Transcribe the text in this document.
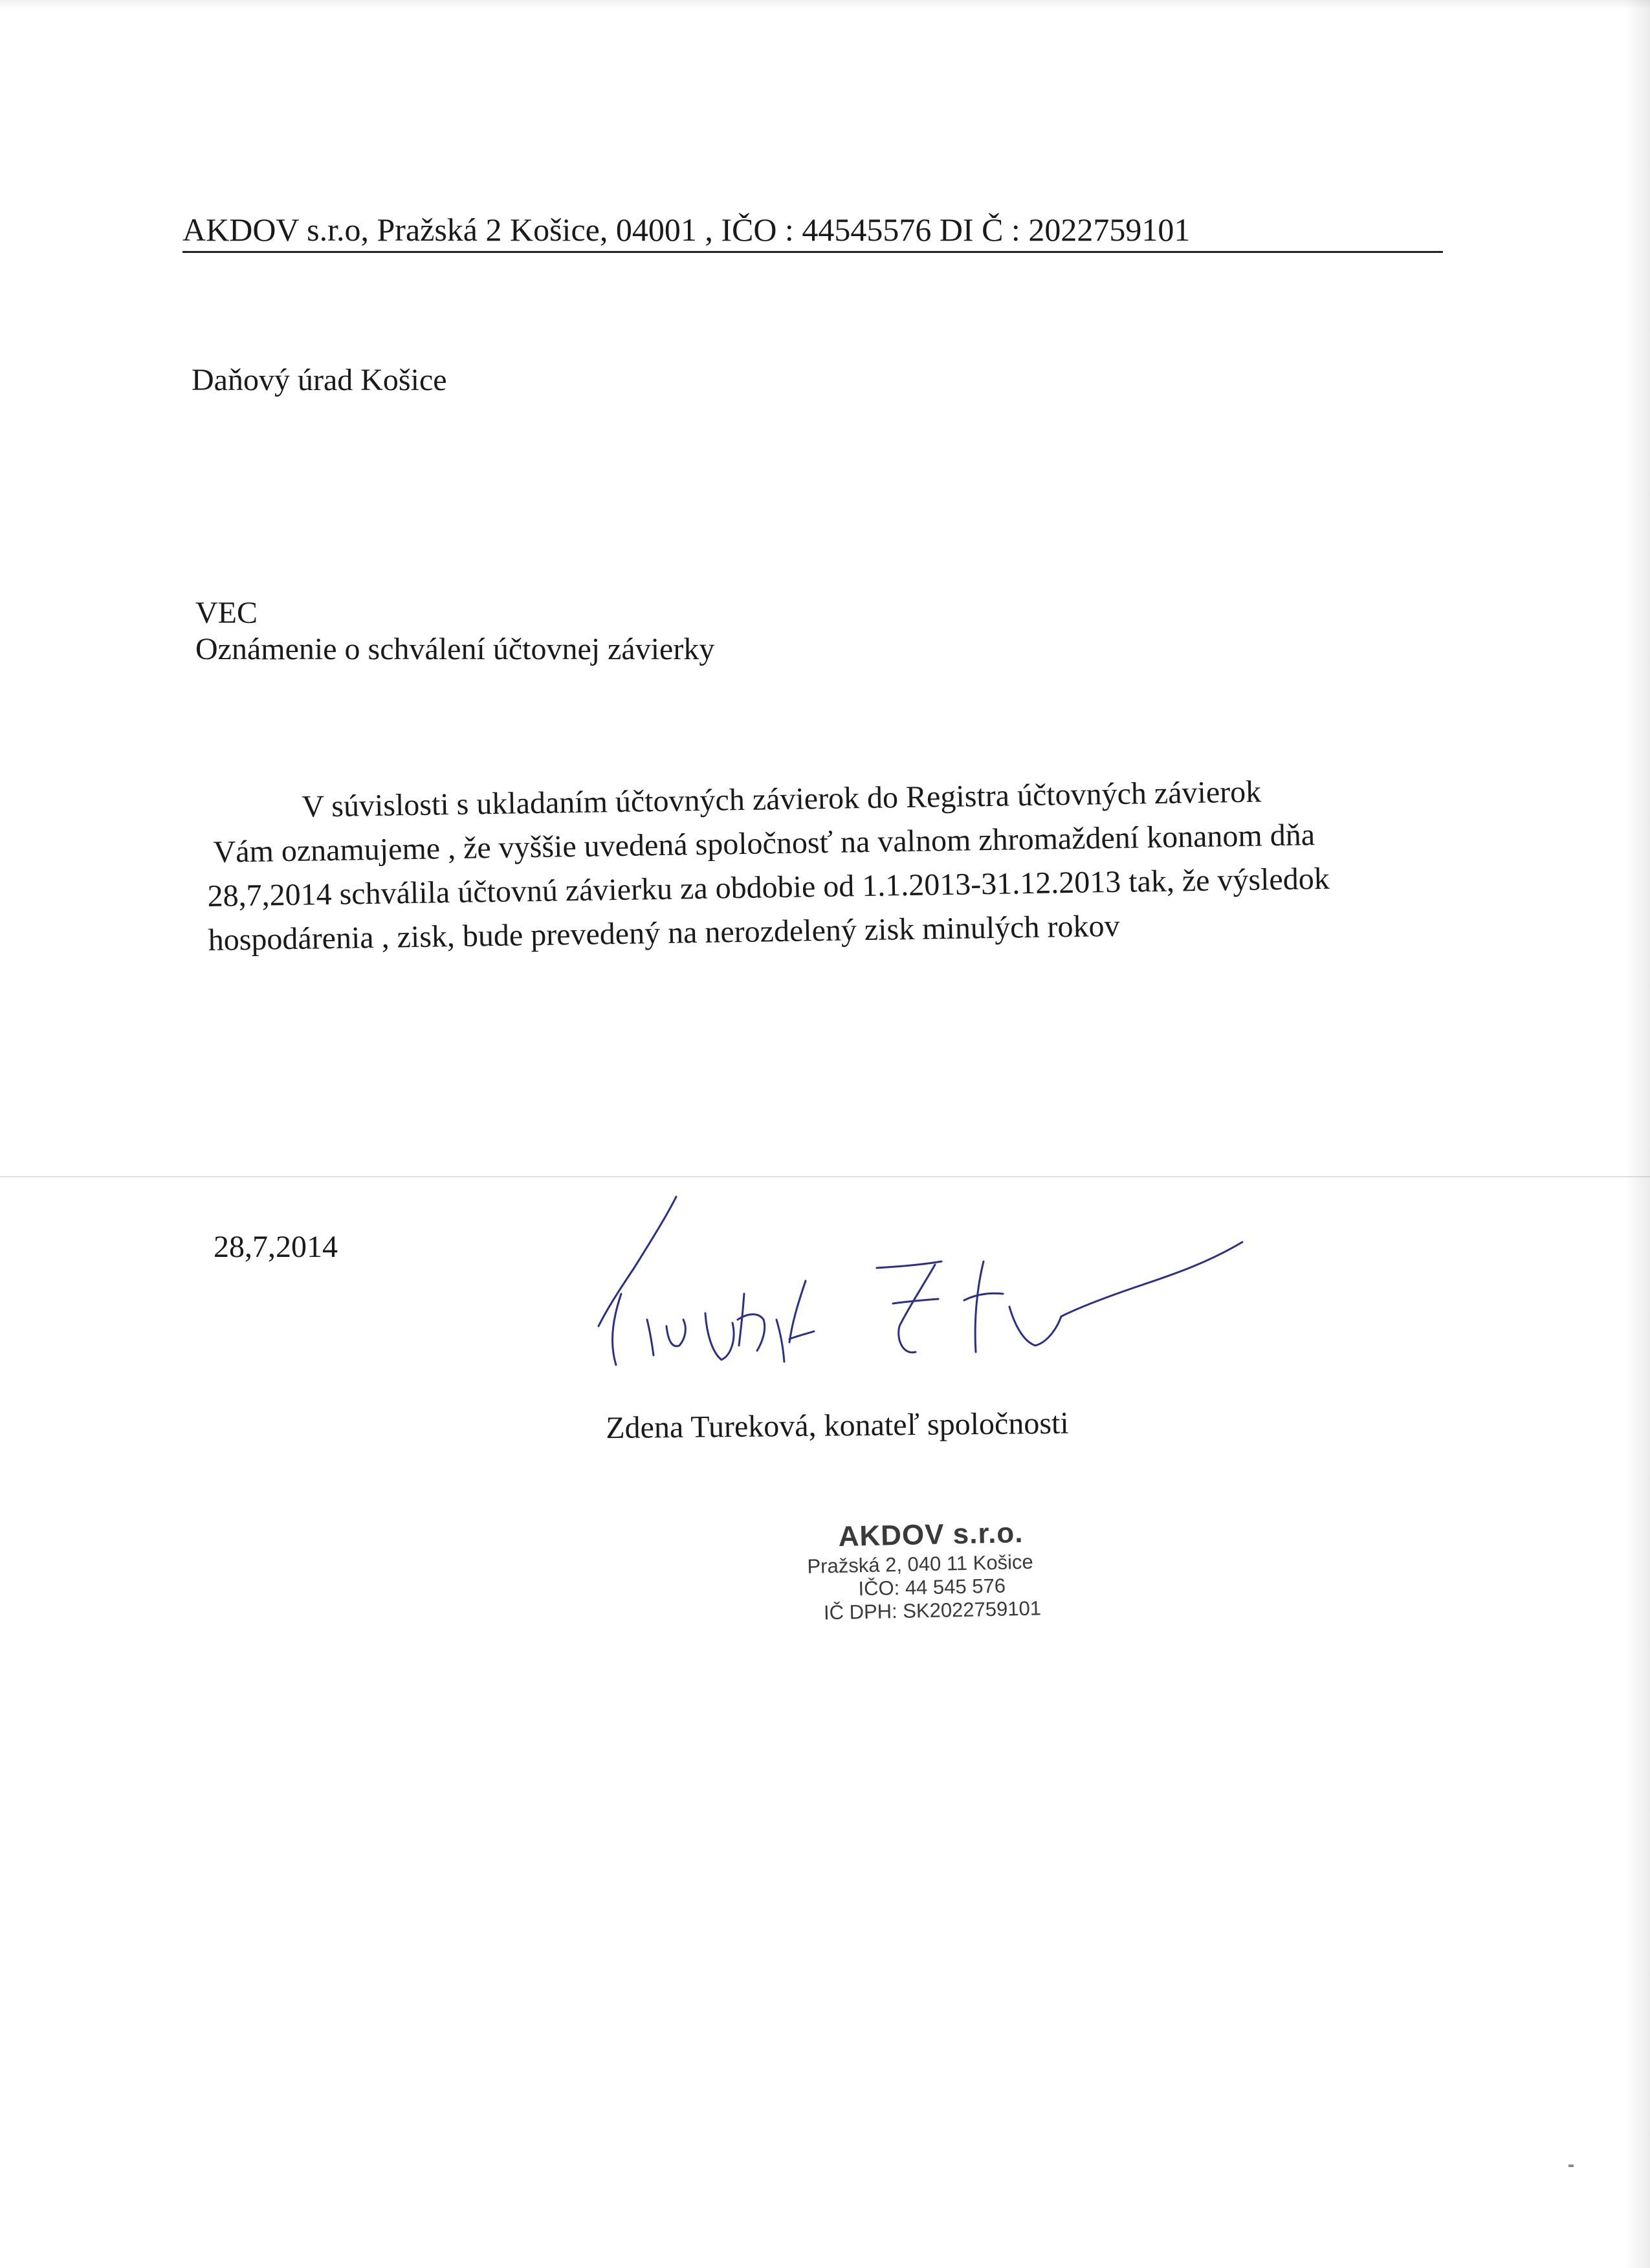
AKDOV s.r.o, Pražská 2 Košice, 04001 , IČO : 44545576 DI Č : 2022759101
Daňový úrad Košice
VEC
Oznámenie o schválení účtovnej závierky
V súvislosti s ukladaním účtovných závierok do Registra účtovných závierok
Vám oznamujeme , že vyššie uvedená spoločnosť na valnom zhromaždení konanom dňa
28,7,2014 schválila účtovnú závierku za obdobie od 1.1.2013-31.12.2013 tak, že výsledok
hospodárenia , zisk, bude prevedený na nerozdelený zisk minulých rokov
28,7,2014
Zdena Tureková, konateľ spoločnosti
AKDOV s.r.o.
Pražská 2, 040 11 Košice
IČO: 44 545 576
IČ DPH: SK2022759101
